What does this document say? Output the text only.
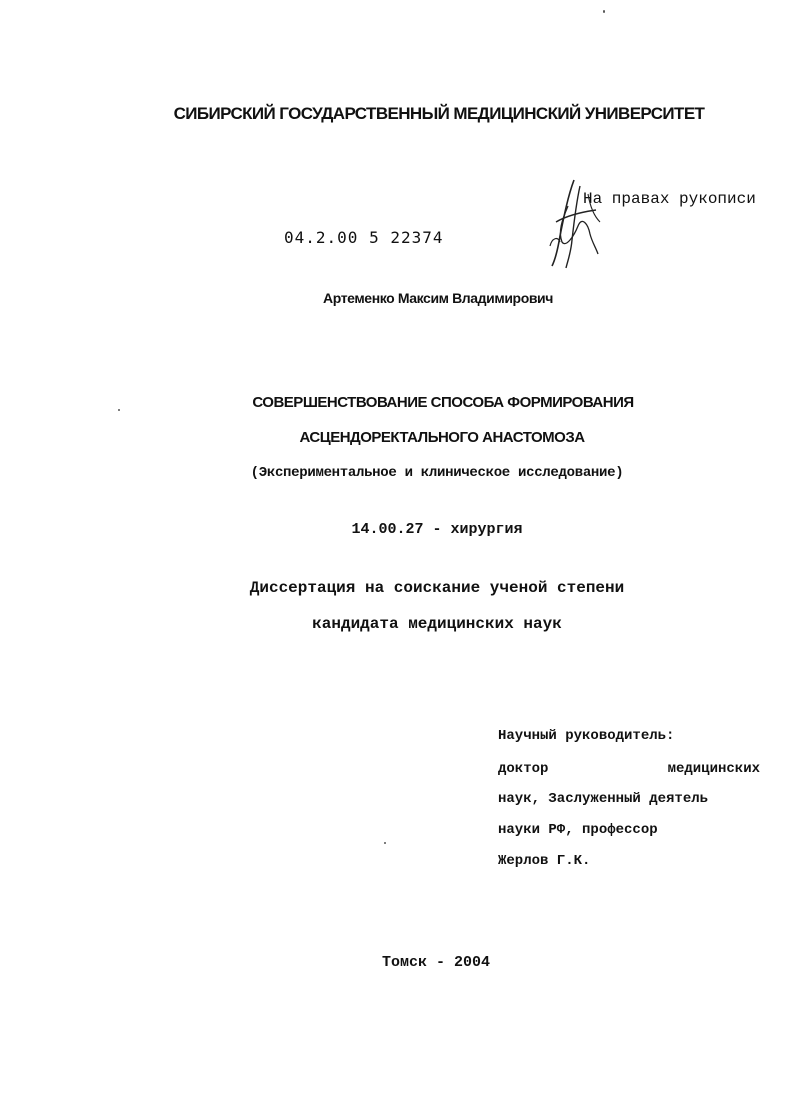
СИБИРСКИЙ ГОСУДАРСТВЕННЫЙ МЕДИЦИНСКИЙ УНИВЕРСИТЕТ
На правах рукописи
04.2.00 5 22374
Артеменко Максим Владимирович
СОВЕРШЕНСТВОВАНИЕ СПОСОБА ФОРМИРОВАНИЯ
АСЦЕНДОРЕКТАЛЬНОГО АНАСТОМОЗА
(Экспериментальное и клиническое исследование)
14.00.27 - хирургия
Диссертация на соискание ученой степени
кандидата медицинских наук
Научный руководитель:
доктор	медицинских
наук, Заслуженный деятель
науки РФ, профессор
Жерлов Г.К.
Томск - 2004
